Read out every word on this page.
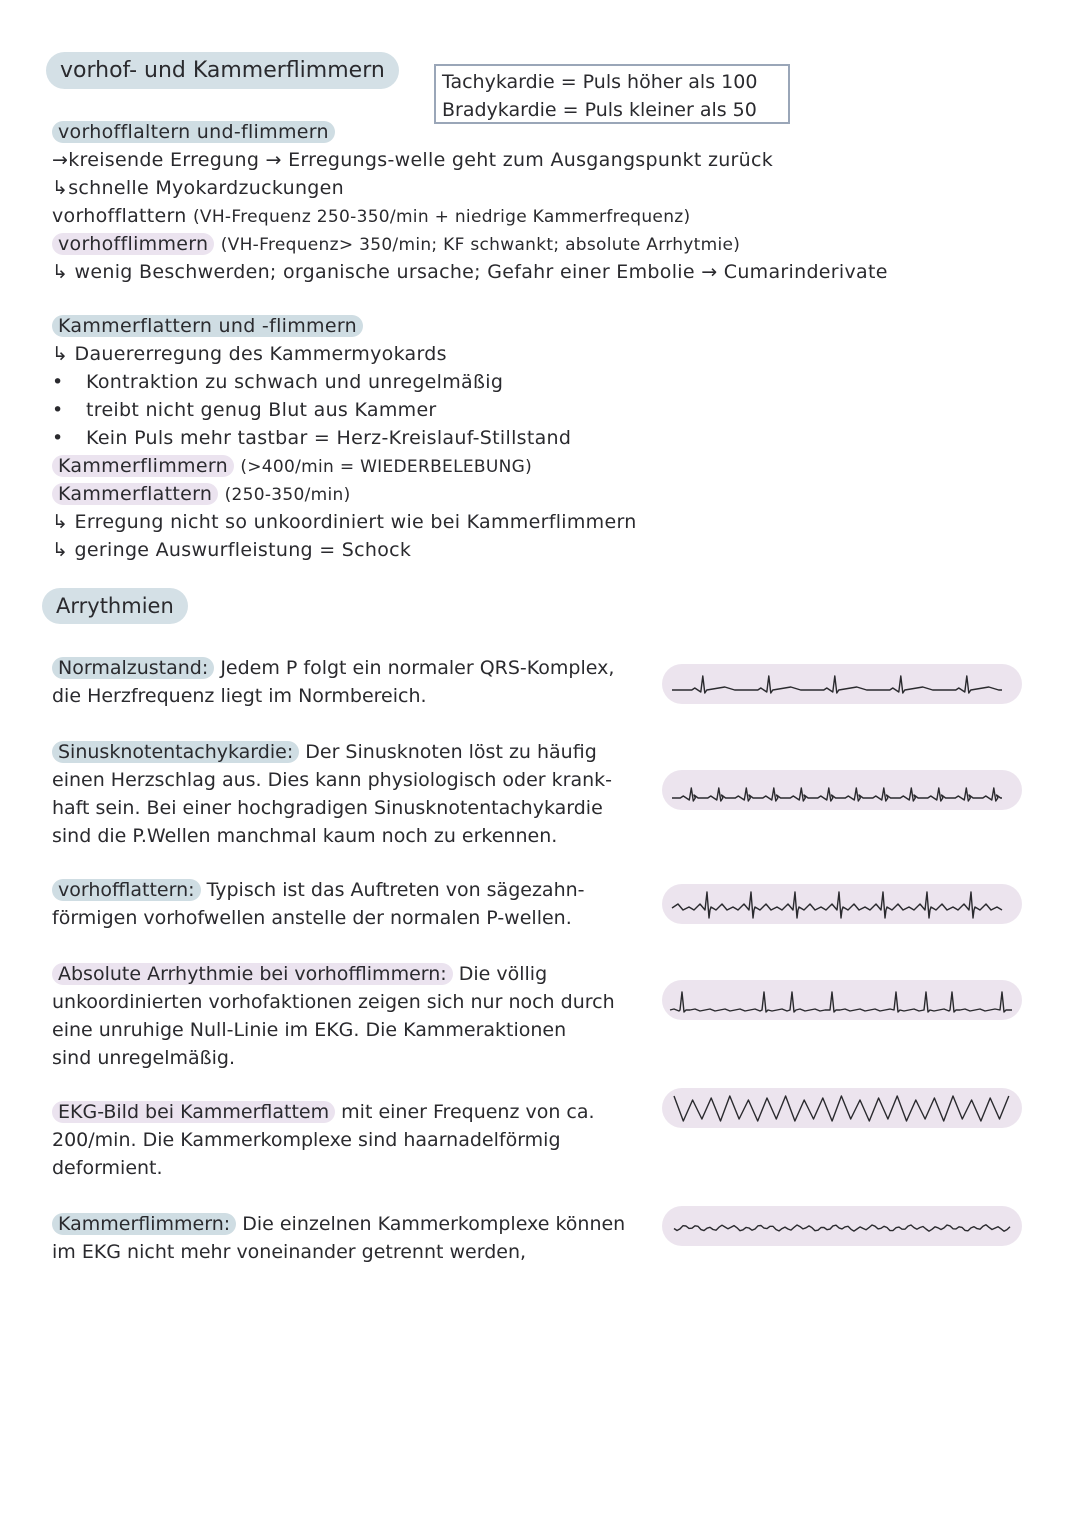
vorhof- und Kammerflimmern	Tachykardie = Puls höher als 100
Bradykardie = Puls kleiner als 50
vorhofflaltern und-flimmern
→kreisende Erregung → Erregungs-welle geht zum Ausgangspunkt zurück
↳schnelle Myokardzuckungen
vorhofflattern (VH-Frequenz 250-350/min + niedrige Kammerfrequenz)
vorhofflimmern (VH-Frequenz> 350/min; KF schwankt; absolute Arrhytmie)
↳ wenig Beschwerden; organische ursache; Gefahr einer Embolie → Cumarinderivate
Kammerflattern und -flimmern
↳ Dauererregung des Kammermyokards
• Kontraktion zu schwach und unregelmäßig
• treibt nicht genug Blut aus Kammer
• Kein Puls mehr tastbar = Herz-Kreislauf-Stillstand
Kammerflimmern (>400/min = WIEDERBELEBUNG)
Kammerflattern (250-350/min)
↳ Erregung nicht so unkoordiniert wie bei Kammerflimmern
↳ geringe Auswurfleistung = Schock
Arrythmien
Normalzustand: Jedem P folgt ein normaler QRS-Komplex,
die Herzfrequenz liegt im Normbereich.
Sinusknotentachykardie: Der Sinusknoten löst zu häufig
einen Herzschlag aus. Dies kann physiologisch oder krank-
haft sein. Bei einer hochgradigen Sinusknotentachykardie
sind die P.Wellen manchmal kaum noch zu erkennen.
vorhofflattern: Typisch ist das Auftreten von sägezahn-
förmigen vorhofwellen anstelle der normalen P-wellen.
Absolute Arrhythmie bei vorhofflimmern: Die völlig
unkoordinierten vorhofaktionen zeigen sich nur noch durch
eine unruhige Null-Linie im EKG. Die Kammeraktionen
sind unregelmäßig.
EKG-Bild bei Kammerflattem mit einer Frequenz von ca.
200/min. Die Kammerkomplexe sind haarnadelförmig
deformient.
Kammerflimmern: Die einzelnen Kammerkomplexe können
im EKG nicht mehr voneinander getrennt werden,
